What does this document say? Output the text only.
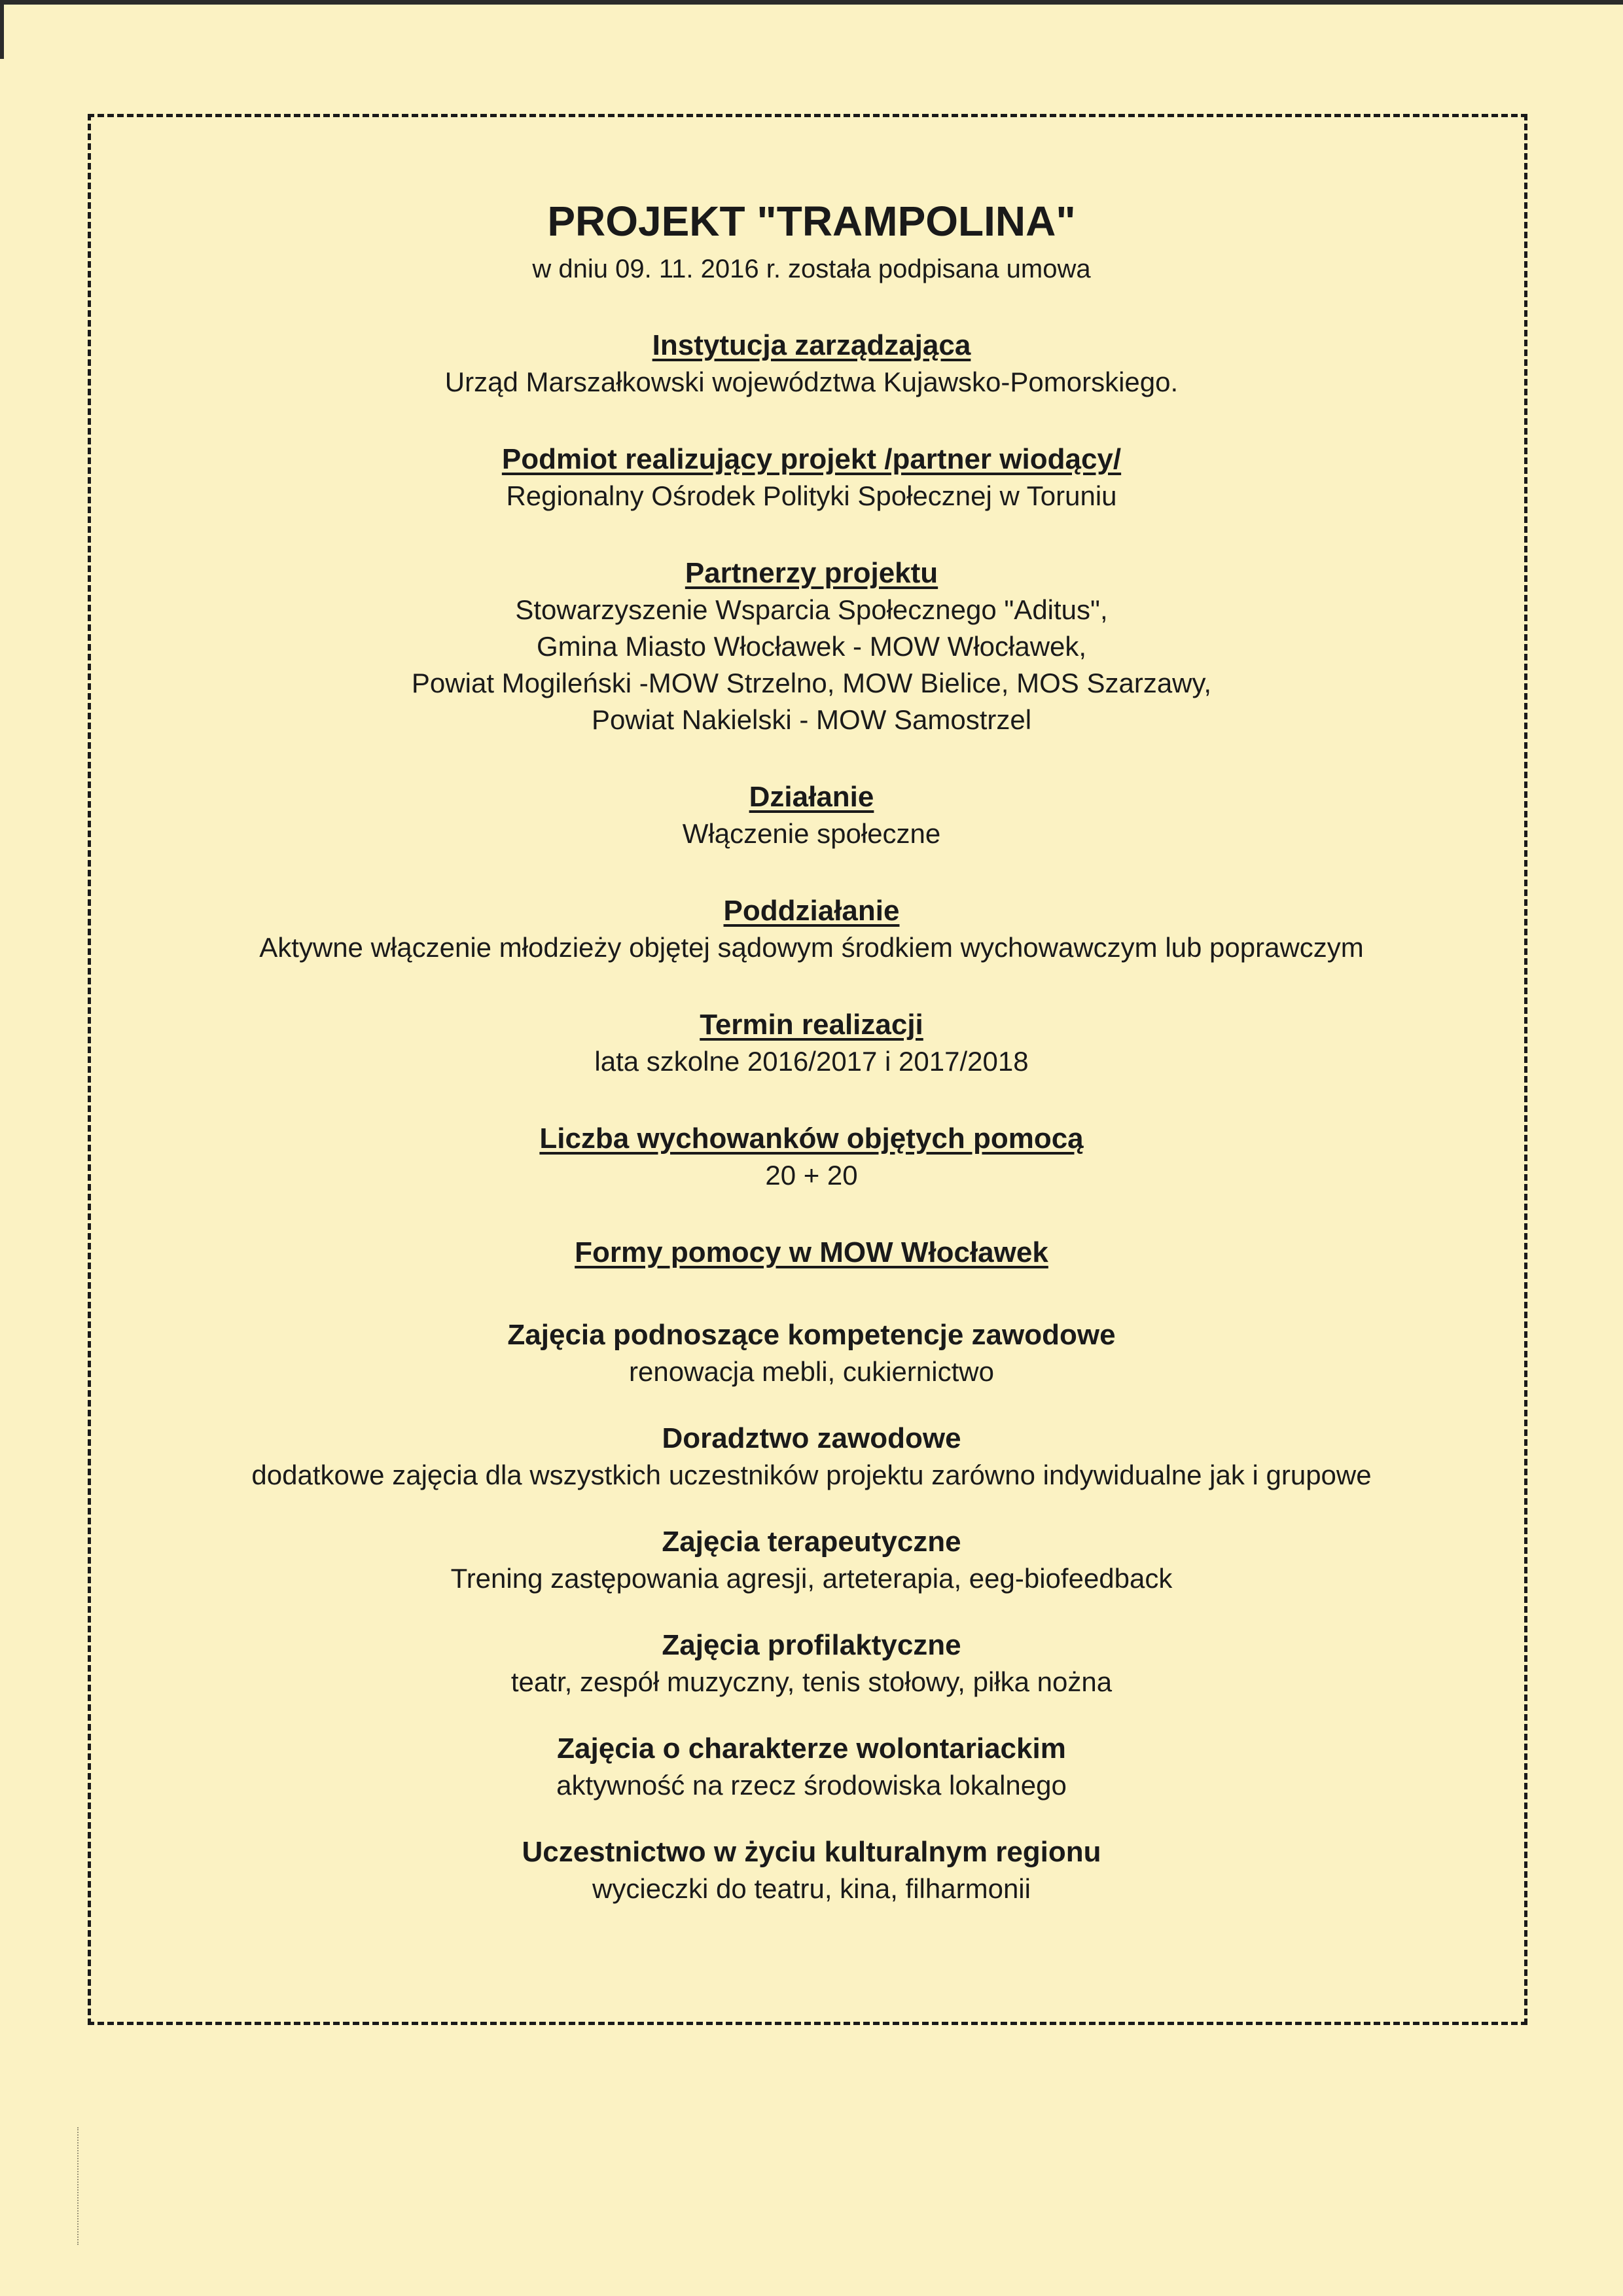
PROJEKT "TRAMPOLINA"
w dniu 09. 11. 2016 r. została podpisana umowa
Instytucja zarządzająca
Urząd Marszałkowski województwa Kujawsko-Pomorskiego.
Podmiot realizujący projekt /partner wiodący/
Regionalny Ośrodek Polityki Społecznej w Toruniu
Partnerzy projektu
Stowarzyszenie Wsparcia Społecznego "Aditus",
Gmina Miasto Włocławek - MOW Włocławek,
Powiat Mogileński -MOW Strzelno, MOW Bielice, MOS Szarzawy,
Powiat Nakielski - MOW Samostrzel
Działanie
Włączenie społeczne
Poddziałanie
Aktywne włączenie młodzieży objętej sądowym środkiem wychowawczym lub poprawczym
Termin realizacji
lata szkolne 2016/2017 i 2017/2018
Liczba wychowanków objętych pomocą
20 + 20
Formy pomocy w MOW Włocławek
Zajęcia podnoszące kompetencje zawodowe
renowacja mebli, cukiernictwo
Doradztwo zawodowe
dodatkowe zajęcia dla wszystkich uczestników projektu zarówno indywidualne jak i grupowe
Zajęcia terapeutyczne
Trening zastępowania agresji, arteterapia, eeg-biofeedback
Zajęcia profilaktyczne
teatr, zespół muzyczny, tenis stołowy, piłka nożna
Zajęcia o charakterze wolontariackim
aktywność na rzecz środowiska lokalnego
Uczestnictwo w życiu kulturalnym regionu
wycieczki do teatru, kina, filharmonii
